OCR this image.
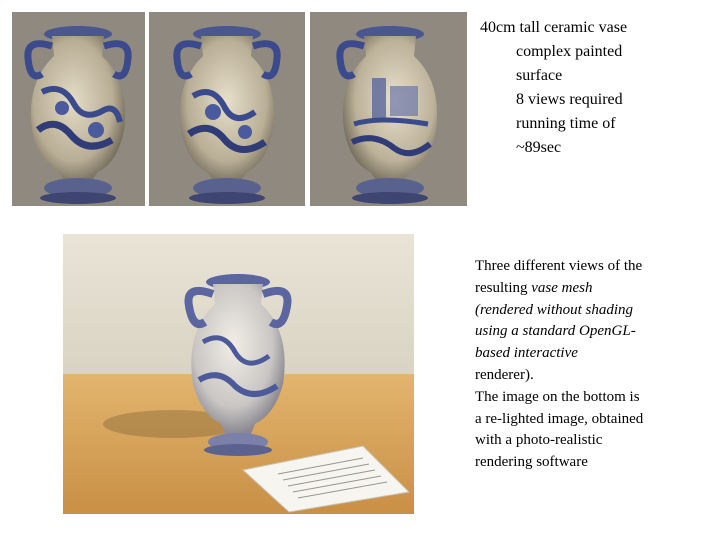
40cm tall ceramic vase
complex painted
surface
8 views required
running time of
~89sec
Three different views of the
resulting vase mesh
(rendered without shading
using a standard OpenGL-
based interactive
renderer).
The image on the bottom is
a re-lighted image, obtained
with a photo-realistic
rendering software
